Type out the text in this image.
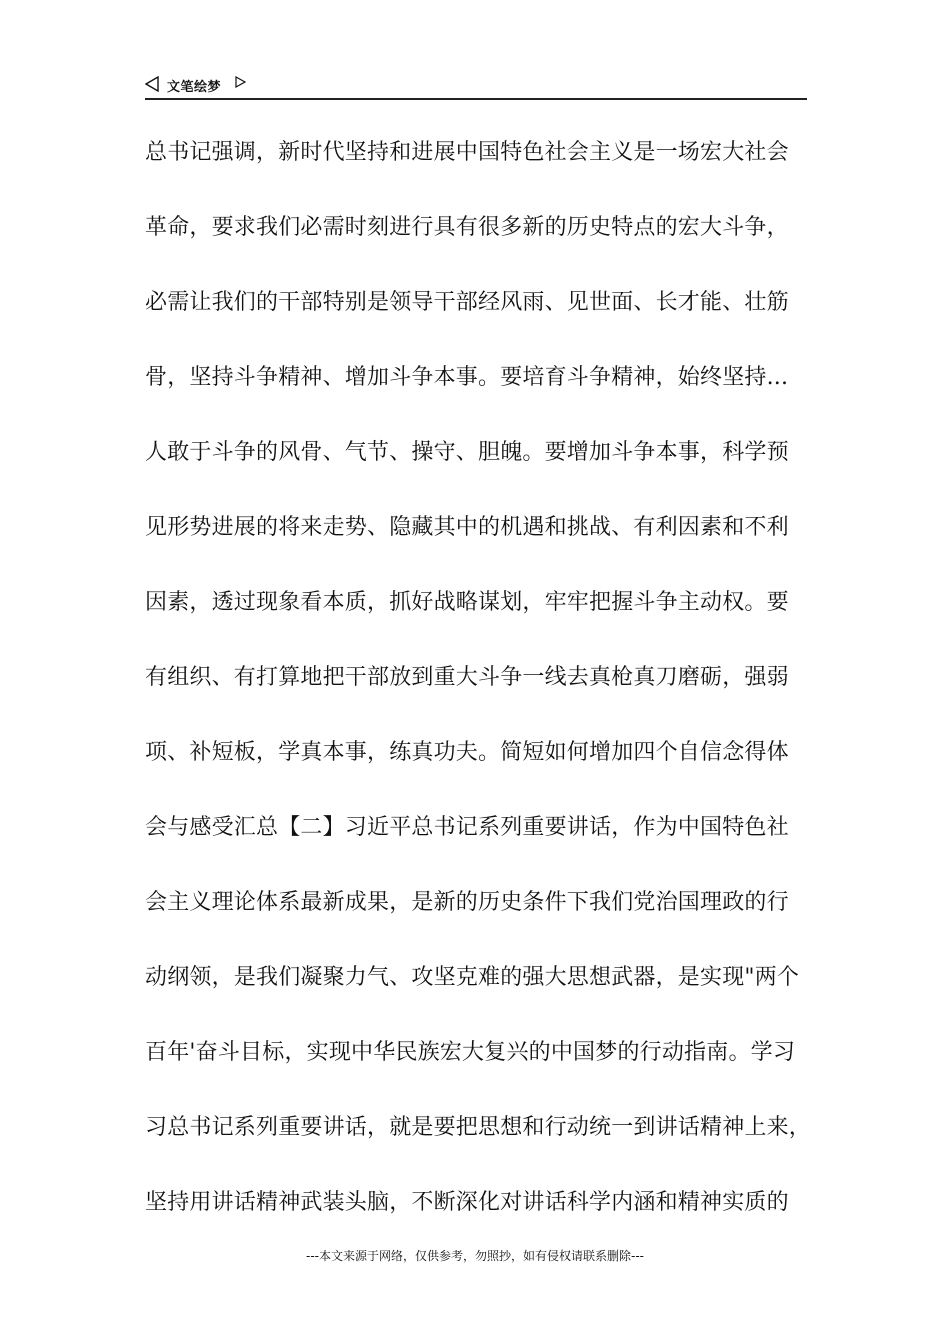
文笔绘梦
总书记强调，新时代坚持和进展中国特色社会主义是一场宏大社会
革命，要求我们必需时刻进行具有很多新的历史特点的宏大斗争，
必需让我们的干部特别是领导干部经风雨、见世面、长才能、壮筋
骨，坚持斗争精神、增加斗争本事。要培育斗争精神，始终坚持...
人敢于斗争的风骨、气节、操守、胆魄。要增加斗争本事，科学预
见形势进展的将来走势、隐藏其中的机遇和挑战、有利因素和不利
因素，透过现象看本质，抓好战略谋划，牢牢把握斗争主动权。要
有组织、有打算地把干部放到重大斗争一线去真枪真刀磨砺，强弱
项、补短板，学真本事，练真功夫。简短如何增加四个自信念得体
会与感受汇总【二】习近平总书记系列重要讲话，作为中国特色社
会主义理论体系最新成果，是新的历史条件下我们党治国理政的行
动纲领，是我们凝聚力气、攻坚克难的强大思想武器，是实现"两个
百年'奋斗目标，实现中华民族宏大复兴的中国梦的行动指南。学习
习总书记系列重要讲话，就是要把思想和行动统一到讲话精神上来，
坚持用讲话精神武装头脑，不断深化对讲话科学内涵和精神实质的
---本文来源于网络，仅供参考，勿照抄，如有侵权请联系删除---
